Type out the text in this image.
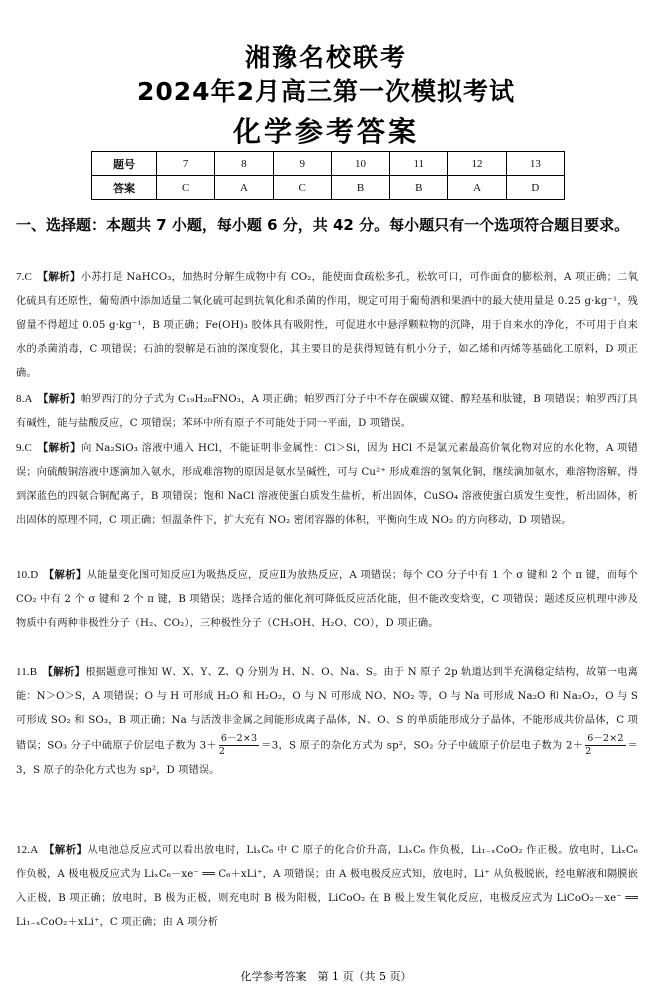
湘豫名校联考
2024年2月高三第一次模拟考试
化学参考答案
题号	7	8	9	10	11	12	13
答案	C	A	C	B	B	A	D
一、选择题：本题共 7 小题，每小题 6 分，共 42 分。每小题只有一个选项符合题目要求。
7.C　 【解析】小苏打是 NaHCO₃，加热时分解生成物中有 CO₂，能使面食疏松多孔，松软可口，可作面食的膨松剂，A 项正确；二氧化硫具有还原性，葡萄酒中添加适量二氧化硫可起到抗氧化和杀菌的作用，规定可用于葡萄酒和果酒中的最大使用量是 0.25 g·kg⁻¹，残留量不得超过 0.05 g·kg⁻¹，B 项正确；Fe(OH)₃ 胶体具有吸附性，可促进水中悬浮颗粒物的沉降，用于自来水的净化，不可用于自来水的杀菌消毒，C 项错误；石油的裂解是石油的深度裂化，其主要目的是获得短链有机小分子，如乙烯和丙烯等基础化工原料，D 项正确。
8.A　 【解析】帕罗西汀的分子式为 C₁₉H₂₀FNO₃，A 项正确；帕罗西汀分子中不存在碳碳双键、醇羟基和肽键，B 项错误；帕罗西汀具有碱性，能与盐酸反应，C 项错误；苯环中所有原子不可能处于同一平面，D 项错误。
9.C　 【解析】向 Na₂SiO₃ 溶液中通入 HCl，不能证明非金属性：Cl＞Si，因为 HCl 不是氯元素最高价氧化物对应的水化物，A 项错误；向硫酸铜溶液中逐滴加入氨水，形成难溶物的原因是氨水呈碱性，可与 Cu²⁺ 形成难溶的氢氧化铜，继续滴加氨水，难溶物溶解，得到深蓝色的四氨合铜配离子，B 项错误；饱和 NaCl 溶液使蛋白质发生盐析，析出固体，CuSO₄ 溶液使蛋白质发生变性，析出固体，析出固体的原理不同，C 项正确；恒温条件下，扩大充有 NO₂ 密闭容器的体积，平衡向生成 NO₂ 的方向移动，D 项错误。
10.D　 【解析】从能量变化图可知反应Ⅰ为吸热反应，反应Ⅱ为放热反应，A 项错误；每个 CO 分子中有 1 个 σ 键和 2 个 π 键，而每个 CO₂ 中有 2 个 σ 键和 2 个 π 键，B 项错误；选择合适的催化剂可降低反应活化能，但不能改变焓变，C 项错误；题述反应机理中涉及物质中有两种非极性分子（H₂、CO₂），三种极性分子（CH₃OH、H₂O、CO），D 项正确。
11.B　 【解析】根据题意可推知 W、X、Y、Z、Q 分别为 H、N、O、Na、S。由于 N 原子 2p 轨道达到半充满稳定结构，故第一电离能：N＞O＞S，A 项错误；O 与 H 可形成 H₂O 和 H₂O₂，O 与 N 可形成 NO、NO₂ 等，O 与 Na 可形成 Na₂O 和 Na₂O₂，O 与 S 可形成 SO₂ 和 SO₃，B 项正确；Na 与活泼非金属之间能形成离子晶体，N、O、S 的单质能形成分子晶体，不能形成共价晶体，C 项错误；SO₃ 分子中硫原子价层电子数为 $3+ \frac{6-2\times 3}{2} =3$，S 原子的杂化方式为 sp²，SO₂ 分子中硫原子价层电子数为 $2+ \frac{6-2\times 2}{2} =3$，S 原子的杂化方式也为 sp²，D 项错误。
12.A　 【解析】从电池总反应式可以看出放电时，LiₓC₆ 中 C 原子的化合价升高，LiₓC₆ 作负极，Li₁₋ₓCoO₂ 作正极。放电时，LiₓC₆ 作负极，A 极电极反应式为 LiₓC₆－xe⁻ ══ C₆＋xLi⁺，A 项错误；由 A 极电极反应式知，放电时，Li⁺ 从负极脱嵌，经电解液和隔膜嵌入正极，B 项正确；放电时，B 极为正极，则充电时 B 极为阳极，LiCoO₂ 在 B 极上发生氧化反应，电极反应式为 LiCoO₂－xe⁻ ══ Li₁₋ₓCoO₂＋xLi⁺，C 项正确；由 A 项分析
化学参考答案　第 1 页（共 5 页）
